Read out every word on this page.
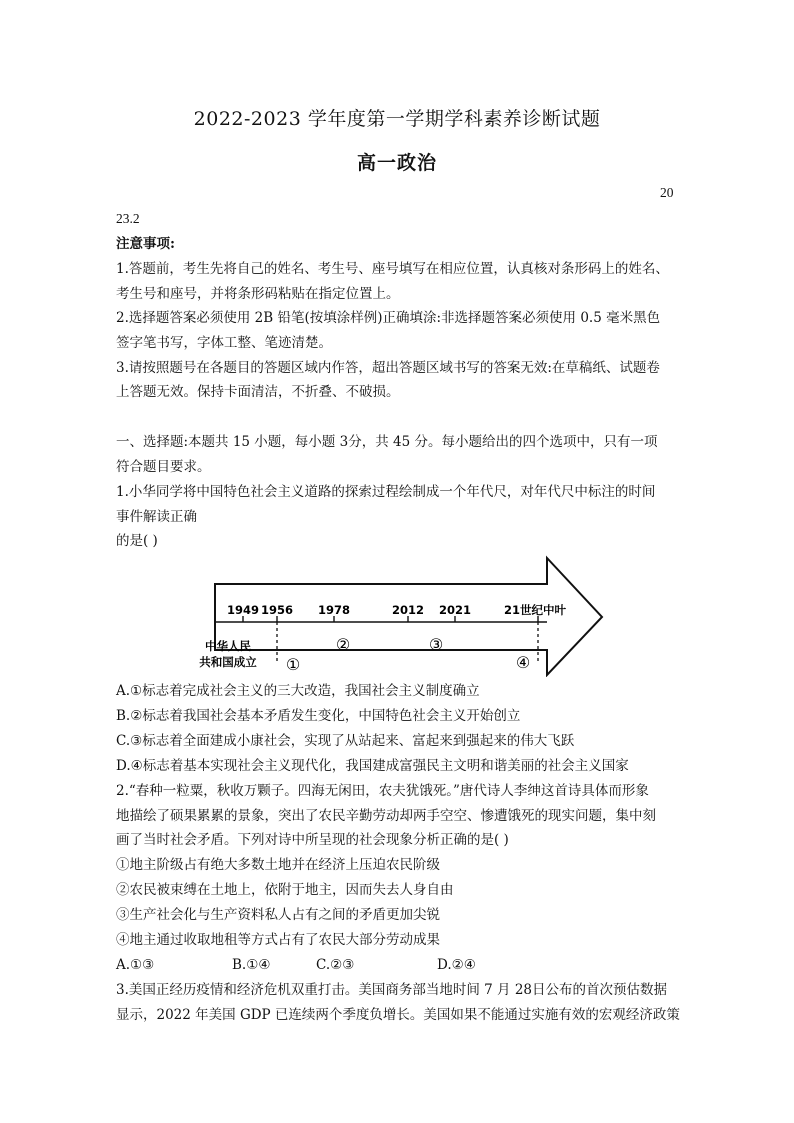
2022-2023 学年度第一学期学科素养诊断试题
高一政治
20
23.2
注意事项:
1.答题前，考生先将自己的姓名、考生号、座号填写在相应位置，认真核对条形码上的姓名、
考生号和座号，并将条形码粘贴在指定位置上。
2.选择题答案必须使用 2B 铅笔(按填涂样例)正确填涂:非选择题答案必须使用 0.5 毫米黑色
签字笔书写，字体工整、笔迹清楚。
3.请按照题号在各题目的答题区域内作答，超出答题区域书写的答案无效:在草稿纸、试题卷
上答题无效。保持卡面清洁，不折叠、不破损。
一、选择题:本题共 15 小题，每小题 3分，共 45 分。每小题给出的四个选项中，只有一项
符合题目要求。
1.小华同学将中国特色社会主义道路的探索过程绘制成一个年代尺，对年代尺中标注的时间
事件解读正确
的是( )
1949 1956 1978	2012 2021	21世纪中叶
中华人民
共和国成立 ①
②	③
④
A.①标志着完成社会主义的三大改造，我国社会主义制度确立
B.②标志着我国社会基本矛盾发生变化，中国特色社会主义开始创立
C.③标志着全面建成小康社会，实现了从站起来、富起来到强起来的伟大飞跃
D.④标志着基本实现社会主义现代化，我国建成富强民主文明和谐美丽的社会主义国家
2.“春种一粒粟，秋收万颗子。四海无闲田，农夫犹饿死。”唐代诗人李绅这首诗具体而形象
地描绘了硕果累累的景象，突出了农民辛勤劳动却两手空空、惨遭饿死的现实问题，集中刻
画了当时社会矛盾。下列对诗中所呈现的社会现象分析正确的是( )
①地主阶级占有绝大多数土地并在经济上压迫农民阶级
②农民被束缚在土地上，依附于地主，因而失去人身自由
③生产社会化与生产资料私人占有之间的矛盾更加尖锐
④地主通过收取地租等方式占有了农民大部分劳动成果
A.①③	B.①④	C.②③	D.②④
3.美国正经历疫情和经济危机双重打击。美国商务部当地时间 7 月 28日公布的首次预估数据
显示，2022 年美国 GDP 已连续两个季度负增长。美国如果不能通过实施有效的宏观经济政策
